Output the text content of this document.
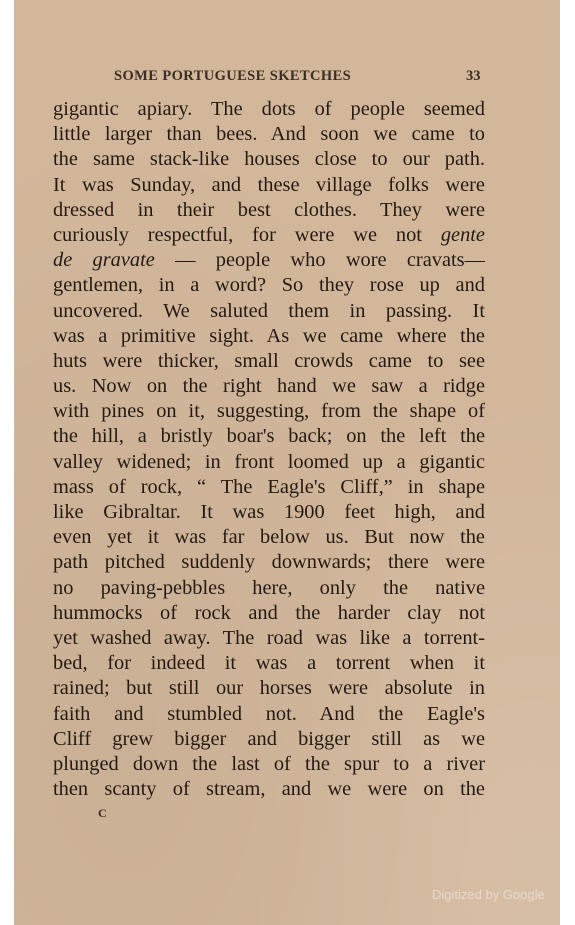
SOME PORTUGUESE SKETCHES	33
gigantic apiary. The dots of people seemed
little larger than bees. And soon we came to
the same stack-like houses close to our path.
It was Sunday, and these village folks were
dressed in their best clothes. They were
curiously respectful, for were we not gente
de gravate — people who wore cravats—
gentlemen, in a word? So they rose up and
uncovered. We saluted them in passing. It
was a primitive sight. As we came where the
huts were thicker, small crowds came to see
us. Now on the right hand we saw a ridge
with pines on it, suggesting, from the shape of
the hill, a bristly boar's back; on the left the
valley widened; in front loomed up a gigantic
mass of rock, “ The Eagle's Cliff,” in shape
like Gibraltar. It was 1900 feet high, and
even yet it was far below us. But now the
path pitched suddenly downwards; there were
no paving-pebbles here, only the native
hummocks of rock and the harder clay not
yet washed away. The road was like a torrent-
bed, for indeed it was a torrent when it
rained; but still our horses were absolute in
faith and stumbled not. And the Eagle's
Cliff grew bigger and bigger still as we
plunged down the last of the spur to a river
then scanty of stream, and we were on the
C
Digitized by Google
